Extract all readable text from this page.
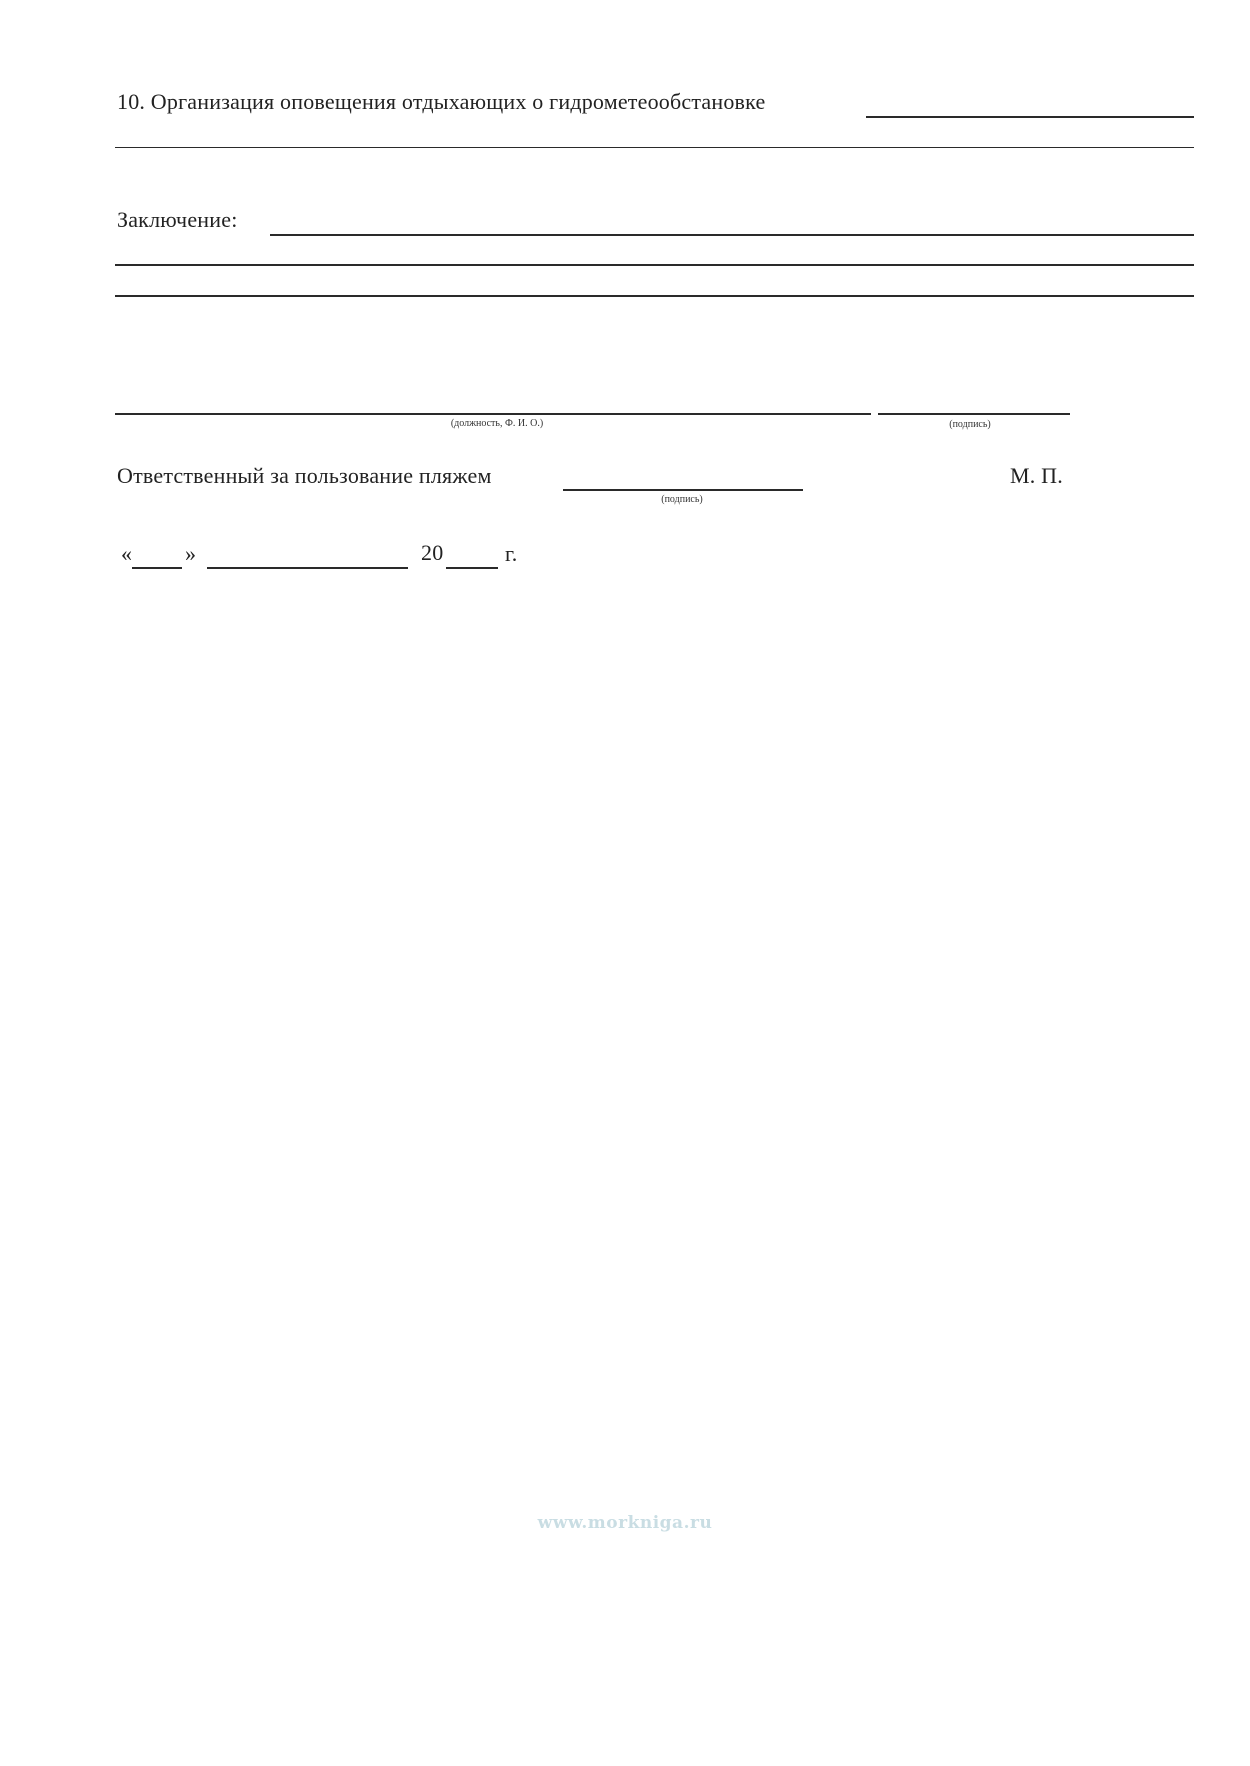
10. Организация оповещения отдыхающих о гидрометеообстановке
Заключение:
(должность, Ф. И. О.)	(подпись)
Ответственный за пользование пляжем
(подпись)
М. П.
« »	20	г.
www.morkniga.ru
